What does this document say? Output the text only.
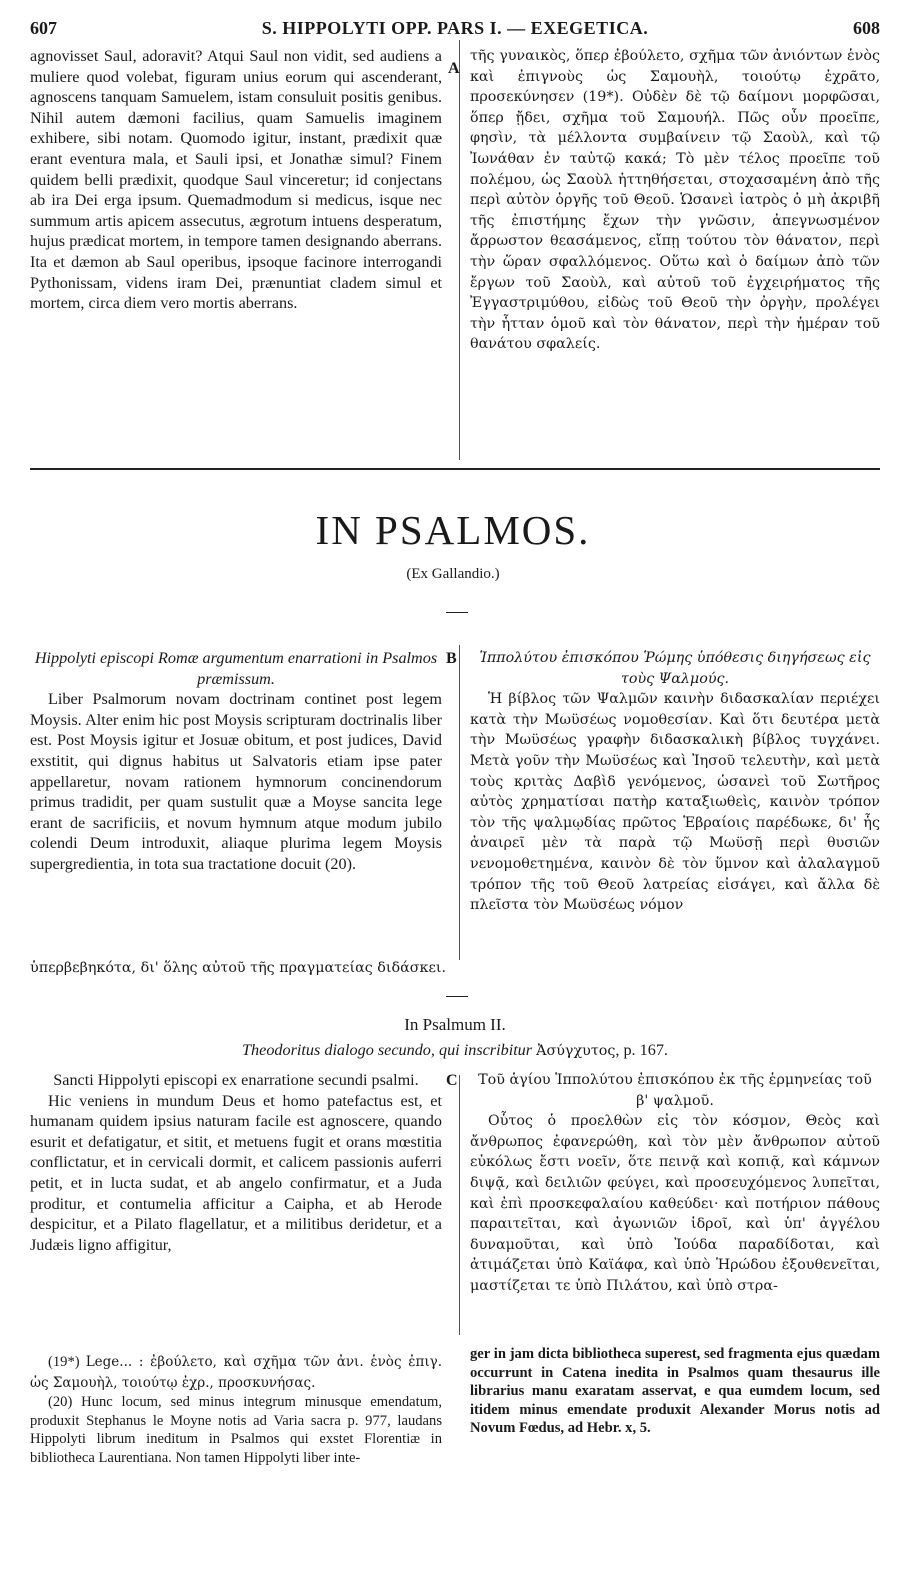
607	S. HIPPOLYTI OPP. PARS I. — EXEGETICA.	608

agnovisset Saul, adoravit? Atqui Saul non vidit, sed audiens a muliere quod volebat, figuram unius eorum qui ascenderant, agnoscens tanquam Samuelem, istam consuluit positis genibus. Nihil autem dæmoni facilius, quam Samuelis imaginem exhibere, sibi notam. Quomodo igitur, instant, prædixit quæ erant eventura mala, et Sauli ipsi, et Jonathæ simul? Finem quidem belli prædixit, quodque Saul vinceretur; id conjectans ab ira Dei erga ipsum. Quemadmodum si medicus, isque nec summum artis apicem assecutus, ægrotum intuens desperatum, hujus prædicat mortem, in tempore tamen designando aberrans. Ita et dæmon ab Saul operibus, ipsoque facinore interrogandi Pythonissam, videns iram Dei, prænuntiat cladem simul et mortem, circa diem vero mortis aberrans.

A

τῆς γυναικὸς, ὅπερ ἐβούλετο, σχῆμα τῶν ἀνιόντων ἑνὸς καὶ ἐπιγνοὺς ὡς Σαμουὴλ, τοιούτῳ ἐχρᾶτο, προσεκύνησεν (19*). Οὐδὲν δὲ τῷ δαίμονι μορφῶσαι, ὅπερ ᾔδει, σχῆμα τοῦ Σαμουήλ. Πῶς οὖν προεῖπε, φησὶν, τὰ μέλλοντα συμβαίνειν τῷ Σαοὺλ, καὶ τῷ Ἰωνάθαν ἐν ταὐτῷ κακά; Τὸ μὲν τέλος προεῖπε τοῦ πολέμου, ὡς Σαοὺλ ἡττηθήσεται, στοχασαμένη ἀπὸ τῆς περὶ αὐτὸν ὀργῆς τοῦ Θεοῦ. Ὡσανεὶ ἰατρὸς ὁ μὴ ἀκριβῆ τῆς ἐπιστήμης ἔχων τὴν γνῶσιν, ἀπεγνωσμένον ἄρρωστον θεασάμενος, εἴπῃ τούτου τὸν θάνατον, περὶ τὴν ὥραν σφαλλόμενος. Οὕτω καὶ ὁ δαίμων ἀπὸ τῶν ἔργων τοῦ Σαοὺλ, καὶ αὐτοῦ τοῦ ἐγχειρήματος τῆς Ἐγγαστριμύθου, εἰδὼς τοῦ Θεοῦ τὴν ὀργὴν, προλέγει τὴν ἧτταν ὁμοῦ καὶ τὸν θάνατον, περὶ τὴν ἡμέραν τοῦ θανάτου σφαλείς.

IN PSALMOS.
(Ex Gallandio.)

Hippolyti episcopi Romæ argumentum enarrationi in Psalmos præmissum.

Liber Psalmorum novam doctrinam continet post legem Moysis. Alter enim hic post Moysis scripturam doctrinalis liber est. Post Moysis igitur et Josuæ obitum, et post judices, David exstitit, qui dignus habitus ut Salvatoris etiam ipse pater appellaretur, novam rationem hymnorum concinendorum primus tradidit, per quam sustulit quæ a Moyse sancita lege erant de sacrificiis, et novum hymnum atque modum jubilo colendi Deum introduxit, aliaque plurima legem Moysis supergredientia, in tota sua tractatione docuit (20).

B	Ἱππολύτου ἐπισκόπου Ῥώμης ὑπόθεσις διηγήσεως εἰς τοὺς Ψαλμούς.

Ἡ βίβλος τῶν Ψαλμῶν καινὴν διδασκαλίαν περιέχει κατὰ τὴν Μωϋσέως νομοθεσίαν. Καὶ ὅτι δευτέρα μετὰ τὴν Μωϋσέως γραφὴν διδασκαλικὴ βίβλος τυγχάνει. Μετὰ γοῦν τὴν Μωϋσέως καὶ Ἰησοῦ τελευτὴν, καὶ μετὰ τοὺς κριτὰς Δαβὶδ γενόμενος, ὡσανεὶ τοῦ Σωτῆρος αὐτὸς χρηματίσαι πατὴρ καταξιωθεὶς, καινὸν τρόπον τὸν τῆς ψαλμῳδίας πρῶτος Ἑβραίοις παρέδωκε, δι' ἧς ἀναιρεῖ μὲν τὰ παρὰ τῷ Μωϋσῇ περὶ θυσιῶν νενομοθετημένα, καινὸν δὲ τὸν ὕμνον καὶ ἀλαλαγμοῦ τρόπον τῆς τοῦ Θεοῦ λατρείας εἰσάγει, καὶ ἄλλα δὲ πλεῖστα τὸν Μωϋσέως νόμον

ὑπερβεβηκότα, δι' ὅλης αὐτοῦ τῆς πραγματείας διδάσκει.

In Psalmum II.
Theodoritus dialogo secundo, qui inscribitur Ἀσύγχυτος, p. 167.

Sancti Hippolyti episcopi ex enarratione secundi psalmi.

Hic veniens in mundum Deus et homo patefactus est, et humanam quidem ipsius naturam facile est agnoscere, quando esurit et defatigatur, et sitit, et metuens fugit et orans mœstitia conflictatur, et in cervicali dormit, et calicem passionis auferri petit, et in lucta sudat, et ab angelo confirmatur, et a Juda proditur, et contumelia afficitur a Caipha, et ab Herode despicitur, et a Pilato flagellatur, et a militibus deridetur, et a Judæis ligno affigitur,

C	Τοῦ ἁγίου Ἱππολύτου ἐπισκόπου ἐκ τῆς ἑρμηνείας τοῦ β' ψαλμοῦ.

Οὗτος ὁ προελθὼν εἰς τὸν κόσμον, Θεὸς καὶ ἄνθρωπος ἐφανερώθη, καὶ τὸν μὲν ἄνθρωπον αὐτοῦ εὐκόλως ἔστι νοεῖν, ὅτε πεινᾷ καὶ κοπιᾷ, καὶ κάμνων διψᾷ, καὶ δειλιῶν φεύγει, καὶ προσευχόμενος λυπεῖται, καὶ ἐπὶ προσκεφαλαίου καθεύδει· καὶ ποτήριον πάθους παραιτεῖται, καὶ ἀγωνιῶν ἱδροῖ, καὶ ὑπ' ἀγγέλου δυναμοῦται, καὶ ὑπὸ Ἰούδα παραδίδοται, καὶ ἀτιμάζεται ὑπὸ Καϊάφα, καὶ ὑπὸ Ἡρώδου ἐξουθενεῖται, μαστίζεται τε ὑπὸ Πιλάτου, καὶ ὑπὸ στρα-

(19*) Lege... : ἐβούλετο, καὶ σχῆμα τῶν ἀνι. ἑνὸς ἐπιγ. ὡς Σαμουὴλ, τοιούτῳ ἐχρ., προσκυνήσας.

(20) Hunc locum, sed minus integrum minusque emendatum, produxit Stephanus le Moyne notis ad Varia sacra p. 977, laudans Hippolyti librum ineditum in Psalmos qui exstet Florentiæ in bibliotheca Laurentiana. Non tamen Hippolyti liber inte-

ger in jam dicta bibliotheca superest, sed fragmenta ejus quædam occurrunt in Catena inedita in Psalmos quam thesaurus ille librarius manu exaratam asservat, e qua eumdem locum, sed itidem minus emendate produxit Alexander Morus notis ad Novum Fœdus, ad Hebr. x, 5.
